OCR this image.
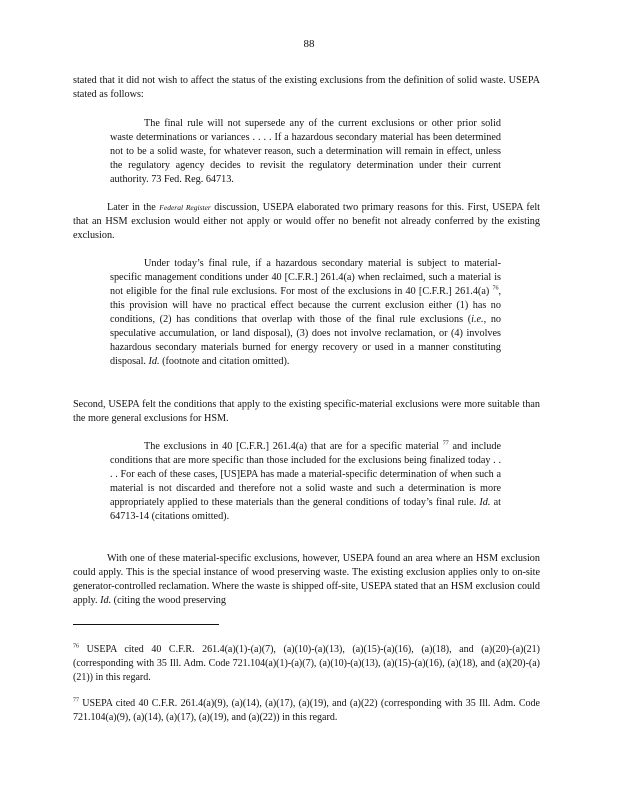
88
stated that it did not wish to affect the status of the existing exclusions from the definition of solid waste. USEPA stated as follows:
The final rule will not supersede any of the current exclusions or other prior solid waste determinations or variances . . . . If a hazardous secondary material has been determined not to be a solid waste, for whatever reason, such a determination will remain in effect, unless the regulatory agency decides to revisit the regulatory determination under their current authority. 73 Fed. Reg. 64713.
Later in the Federal Register discussion, USEPA elaborated two primary reasons for this. First, USEPA felt that an HSM exclusion would either not apply or would offer no benefit not already conferred by the existing exclusion.
Under today’s final rule, if a hazardous secondary material is subject to material-specific management conditions under 40 [C.F.R.] 261.4(a) when reclaimed, such a material is not eligible for the final rule exclusions. For most of the exclusions in 40 [C.F.R.] 261.4(a) $^{76}$, this provision will have no practical effect because the current exclusion either (1) has no conditions, (2) has conditions that overlap with those of the final rule exclusions (i.e., no speculative accumulation, or land disposal), (3) does not involve reclamation, or (4) involves hazardous secondary materials burned for energy recovery or used in a manner constituting disposal. Id. (footnote and citation omitted).
Second, USEPA felt the conditions that apply to the existing specific-material exclusions were more suitable than the more general exclusions for HSM.
The exclusions in 40 [C.F.R.] 261.4(a) that are for a specific material $^{77}$ and include conditions that are more specific than those included for the exclusions being finalized today . . . . For each of these cases, [US]EPA has made a material-specific determination of when such a material is not discarded and therefore not a solid waste and such a determination is more appropriately applied to these materials than the general conditions of today’s final rule. Id. at 64713-14 (citations omitted).
With one of these material-specific exclusions, however, USEPA found an area where an HSM exclusion could apply. This is the special instance of wood preserving waste. The existing exclusion applies only to on-site generator-controlled reclamation. Where the waste is shipped off-site, USEPA stated that an HSM exclusion could apply. Id. (citing the wood preserving
$^{76}$ USEPA cited 40 C.F.R. 261.4(a)(1)-(a)(7), (a)(10)-(a)(13), (a)(15)-(a)(16), (a)(18), and (a)(20)-(a)(21) (corresponding with 35 Ill. Adm. Code 721.104(a)(1)-(a)(7), (a)(10)-(a)(13), (a)(15)-(a)(16), (a)(18), and (a)(20)-(a)(21)) in this regard.
$^{77}$ USEPA cited 40 C.F.R. 261.4(a)(9), (a)(14), (a)(17), (a)(19), and (a)(22) (corresponding with 35 Ill. Adm. Code 721.104(a)(9), (a)(14), (a)(17), (a)(19), and (a)(22)) in this regard.
